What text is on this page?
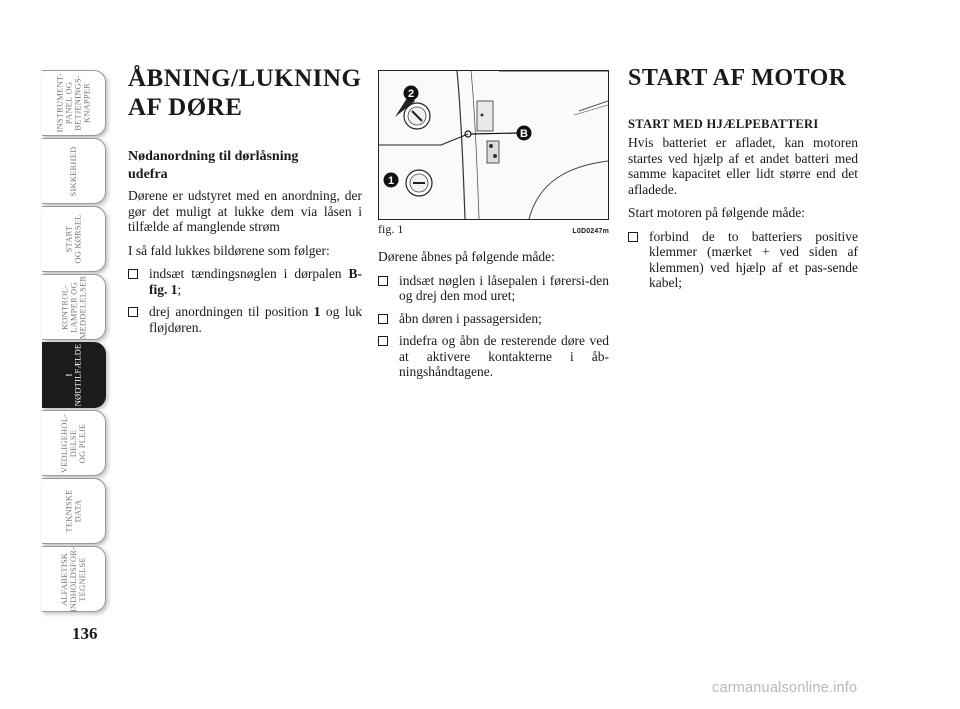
INSTRUMENT-
PANEL OG
BETJENINGS-
KNAPPER
SIKKERHED
START
OG KØRSEL
KONTROL-
LAMPER OG
MEDDELELSER
I
NØDTILFÆLDE
VEDLIGEHOL-
DELSE
OG PLEJE
TEKNISKE
DATA
ALFABETISK
INDHOLDSFOR-
TEGNELSE
136
ÅBNING/LUKNING
AF DØRE
Nødanordning til dørlåsning
udefra

Dørene er udstyret med en anordning, der gør det muligt at lukke dem via låsen i tilfælde af manglende strøm

I så fald lukkes bildørene som følger:

indsæt tændingsnøglen i dørpalen B-fig. 1;
drej anordningen til position 1 og luk fløjdøren.
2
1
B
fig. 1	L0D0247m

Dørene åbnes på følgende måde:

indsæt nøglen i låsepalen i førersi-den og drej den mod uret;
åbn døren i passagersiden;
indefra og åbn de resterende døre ved at aktivere kontakterne i åb-ningshåndtagene.
START AF MOTOR
START MED HJÆLPEBATTERI

Hvis batteriet er afladet, kan motoren startes ved hjælp af et andet batteri med samme kapacitet eller lidt større end det afladede.

Start motoren på følgende måde:

forbind de to batteriers positive klemmer (mærket + ved siden af klemmen) ved hjælp af et pas-sende kabel;
carmanualsonline.info
